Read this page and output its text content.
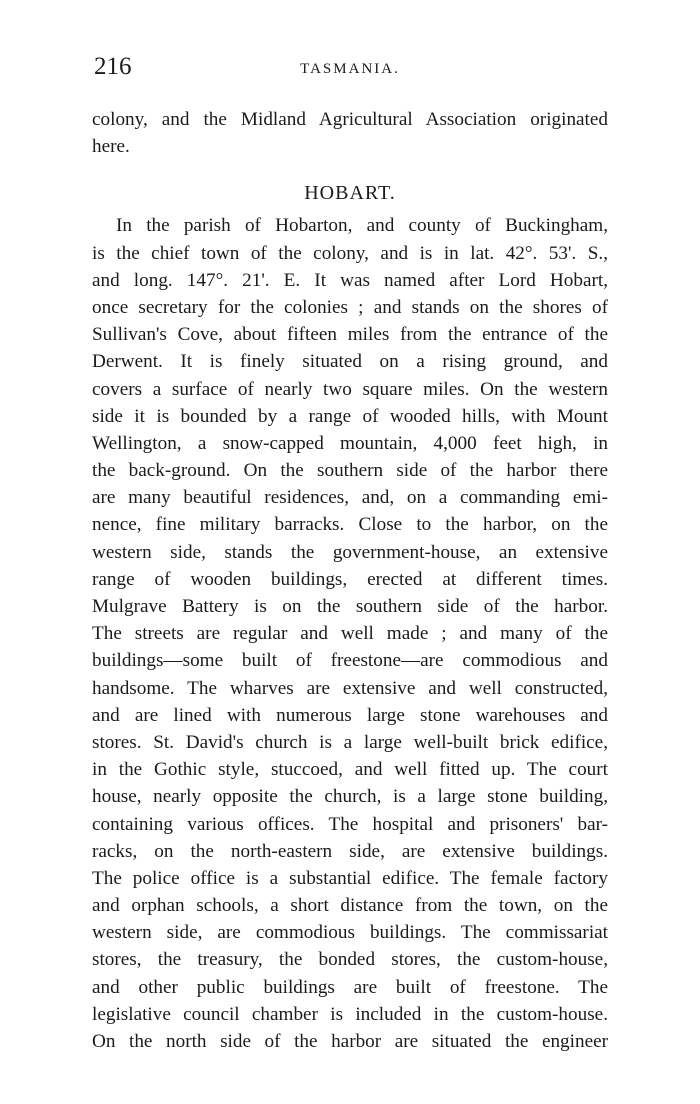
216	TASMANIA.
colony, and the Midland Agricultural Association originated
here.
HOBART.
In the parish of Hobarton, and county of Buckingham,
is the chief town of the colony, and is in lat. 42°. 53'. S.,
and long. 147°. 21'. E. It was named after Lord Hobart,
once secretary for the colonies ; and stands on the shores of
Sullivan's Cove, about fifteen miles from the entrance of the
Derwent. It is finely situated on a rising ground, and
covers a surface of nearly two square miles. On the western
side it is bounded by a range of wooded hills, with Mount
Wellington, a snow-capped mountain, 4,000 feet high, in
the back-ground. On the southern side of the harbor there
are many beautiful residences, and, on a commanding emi-
nence, fine military barracks. Close to the harbor, on the
western side, stands the government-house, an extensive
range of wooden buildings, erected at different times.
Mulgrave Battery is on the southern side of the harbor.
The streets are regular and well made ; and many of the
buildings—some built of freestone—are commodious and
handsome. The wharves are extensive and well constructed,
and are lined with numerous large stone warehouses and
stores. St. David's church is a large well-built brick edifice,
in the Gothic style, stuccoed, and well fitted up. The court
house, nearly opposite the church, is a large stone building,
containing various offices. The hospital and prisoners' bar-
racks, on the north-eastern side, are extensive buildings.
The police office is a substantial edifice. The female factory
and orphan schools, a short distance from the town, on the
western side, are commodious buildings. The commissariat
stores, the treasury, the bonded stores, the custom-house,
and other public buildings are built of freestone. The
legislative council chamber is included in the custom-house.
On the north side of the harbor are situated the engineer
